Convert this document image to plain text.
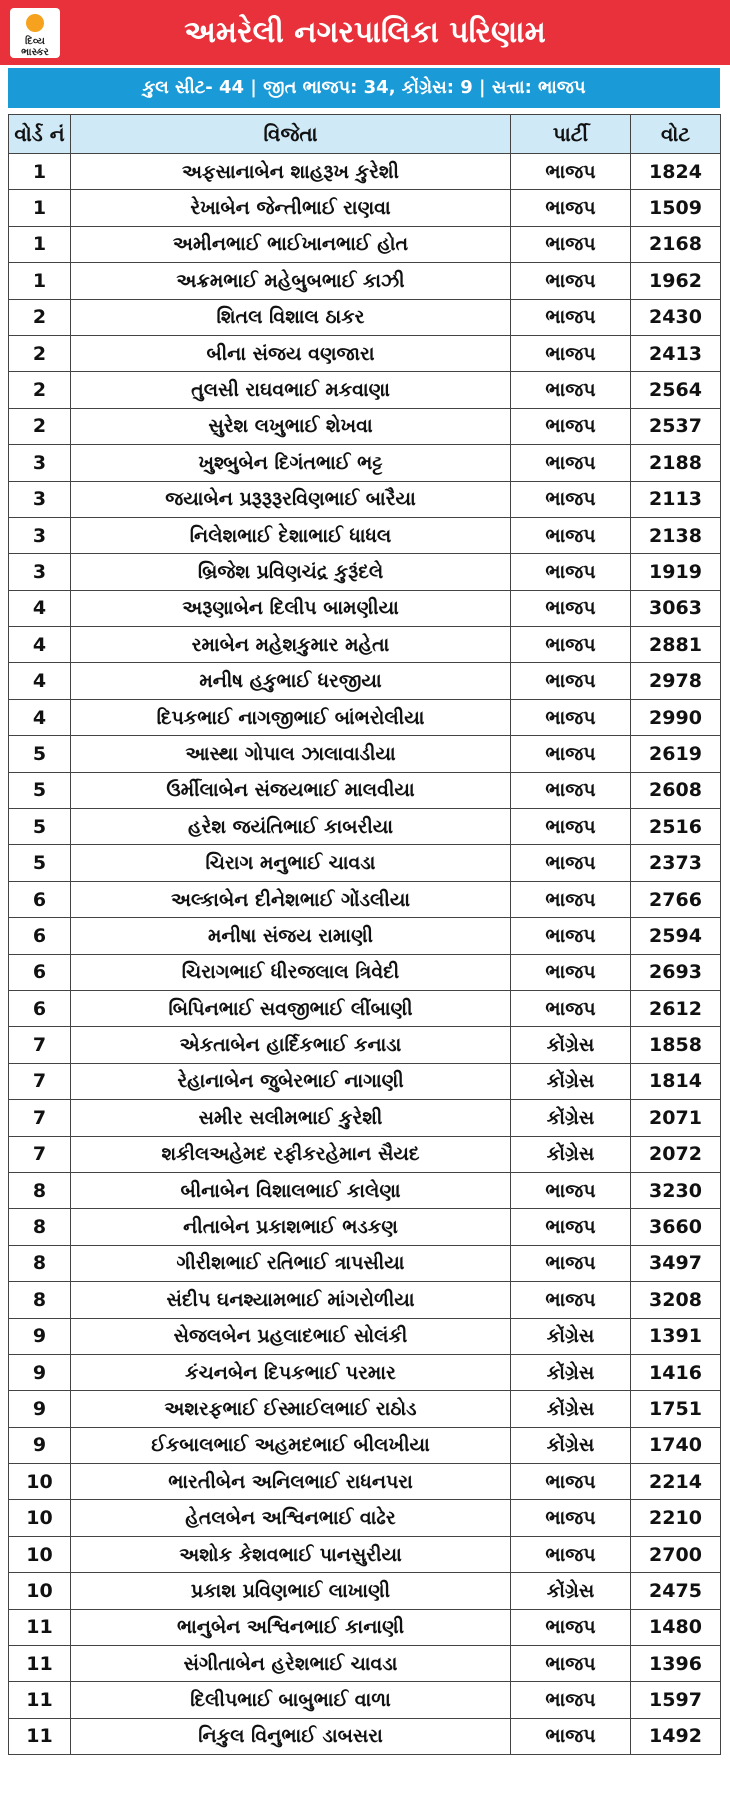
દિવ્ય ભાસ્કર
અમરેલી નગરપાલિકા પરિણામ
કુલ સીટ- 44 | જીત ભાજપ: 34, કોંગ્રેસ: 9 | સત્તા: ભાજપ
વોર્ડ નં	વિજેતા	પાર્ટી	વોટ
1	અફસાનાબેન શાહરૂખ કુરેશી	ભાજપ	1824
1	રેખાબેન જેન્તીભાઈ રાણવા	ભાજપ	1509
1	અમીનભાઈ ભાઈખાનભાઈ હોત	ભાજપ	2168
1	અક્રમભાઈ મહેબુબભાઈ કાઝી	ભાજપ	1962
2	શિતલ વિશાલ ઠાકર	ભાજપ	2430
2	બીના સંજય વણજારા	ભાજપ	2413
2	તુલસી રાઘવભાઈ મકવાણા	ભાજપ	2564
2	સુરેશ લખુભાઈ શેખવા	ભાજપ	2537
3	ખુશ્બુબેન દિગંતભાઈ ભટ્ટ	ભાજપ	2188
3	જયાબેન પ્રરૂરૂરૂરવિણભાઈ બારૈયા	ભાજપ	2113
3	નિલેશભાઈ દેશાભાઈ ધાધલ	ભાજપ	2138
3	બ્રિજેશ પ્રવિણચંદ્ર કુરૂંદલે	ભાજપ	1919
4	અરૂણાબેન દિલીપ બામણીયા	ભાજપ	3063
4	રમાબેન મહેશકુમાર મહેતા	ભાજપ	2881
4	મનીષ હકુભાઈ ધરજીયા	ભાજપ	2978
4	દિપકભાઈ નાગજીભાઈ બાંભરોલીયા	ભાજપ	2990
5	આસ્થા ગોપાલ ઝાલાવાડીયા	ભાજપ	2619
5	ઉર્મીલાબેન સંજયભાઈ માલવીયા	ભાજપ	2608
5	હરેશ જયંતિભાઈ કાબરીયા	ભાજપ	2516
5	ચિરાગ મનુભાઈ ચાવડા	ભાજપ	2373
6	અલ્કાબેન દીનેશભાઈ ગોંડલીયા	ભાજપ	2766
6	મનીષા સંજય રામાણી	ભાજપ	2594
6	ચિરાગભાઈ ધીરજલાલ ત્રિવેદી	ભાજપ	2693
6	બિપિનભાઈ સવજીભાઈ લીંબાણી	ભાજપ	2612
7	એકતાબેન હાર્દિકભાઈ કનાડા	કોંગ્રેસ	1858
7	રેહાનાબેન જુબેરભાઈ નાગાણી	કોંગ્રેસ	1814
7	સમીર સલીમભાઈ કુરેશી	કોંગ્રેસ	2071
7	શકીલઅહેમદ રફીકરહેમાન સૈયદ	કોંગ્રેસ	2072
8	બીનાબેન વિશાલભાઈ કાલેણા	ભાજપ	3230
8	નીતાબેન પ્રકાશભાઈ ભડકણ	ભાજપ	3660
8	ગીરીશભાઈ રતિભાઈ ત્રાપસીયા	ભાજપ	3497
8	સંદીપ ઘનશ્યામભાઈ માંગરોળીયા	ભાજપ	3208
9	સેજલબેન પ્રહલાદભાઈ સોલંકી	કોંગ્રેસ	1391
9	કંચનબેન દિપકભાઈ પરમાર	કોંગ્રેસ	1416
9	અશરફભાઈ ઈસ્માઈલભાઈ રાઠોડ	કોંગ્રેસ	1751
9	ઈકબાલભાઈ અહમદભાઈ બીલખીયા	કોંગ્રેસ	1740
10	ભારતીબેન અનિલભાઈ રાધનપરા	ભાજપ	2214
10	હેતલબેન અશ્વિનભાઈ વાઢેર	ભાજપ	2210
10	અશોક કેશવભાઈ પાનસુરીયા	ભાજપ	2700
10	પ્રકાશ પ્રવિણભાઈ લાખાણી	કોંગ્રેસ	2475
11	ભાનુબેન અશ્વિનભાઈ કાનાણી	ભાજપ	1480
11	સંગીતાબેન હરેશભાઈ ચાવડા	ભાજપ	1396
11	દિલીપભાઈ બાબુભાઈ વાળા	ભાજપ	1597
11	નિકુલ વિનુભાઈ ડાબસરા	ભાજપ	1492
